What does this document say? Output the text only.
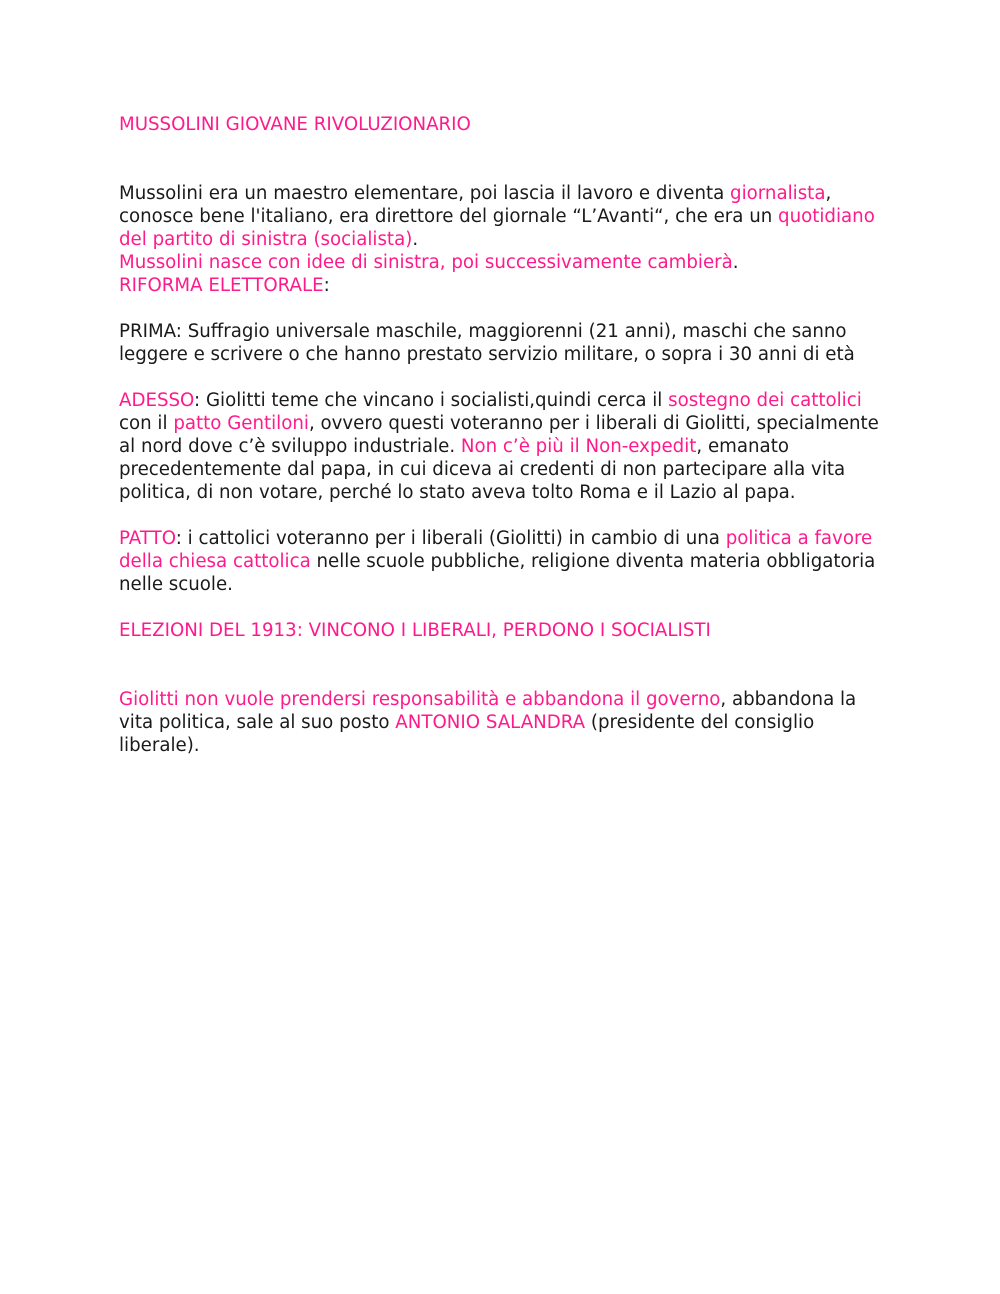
MUSSOLINI GIOVANE RIVOLUZIONARIO

Mussolini era un maestro elementare, poi lascia il lavoro e diventa giornalista, conosce bene l'italiano, era direttore del giornale “L’Avanti“, che era un quotidiano del partito di sinistra (socialista).

Mussolini nasce con idee di sinistra, poi successivamente cambierà.

RIFORMA ELETTORALE:

PRIMA: Suffragio universale maschile, maggiorenni (21 anni), maschi che sanno leggere e scrivere o che hanno prestato servizio militare, o sopra i 30 anni di età

ADESSO: Giolitti teme che vincano i socialisti,quindi cerca il sostegno dei cattolici con il patto Gentiloni, ovvero questi voteranno per i liberali di Giolitti, specialmente al nord dove c’è sviluppo industriale. Non c’è più il Non-expedit, emanato precedentemente dal papa, in cui diceva ai credenti di non partecipare alla vita politica, di non votare, perché lo stato aveva tolto Roma e il Lazio al papa.

PATTO: i cattolici voteranno per i liberali (Giolitti) in cambio di una politica a favore della chiesa cattolica nelle scuole pubbliche, religione diventa materia obbligatoria nelle scuole.

ELEZIONI DEL 1913: VINCONO I LIBERALI, PERDONO I SOCIALISTI

Giolitti non vuole prendersi responsabilità e abbandona il governo, abbandona la vita politica, sale al suo posto ANTONIO SALANDRA (presidente del consiglio liberale).
